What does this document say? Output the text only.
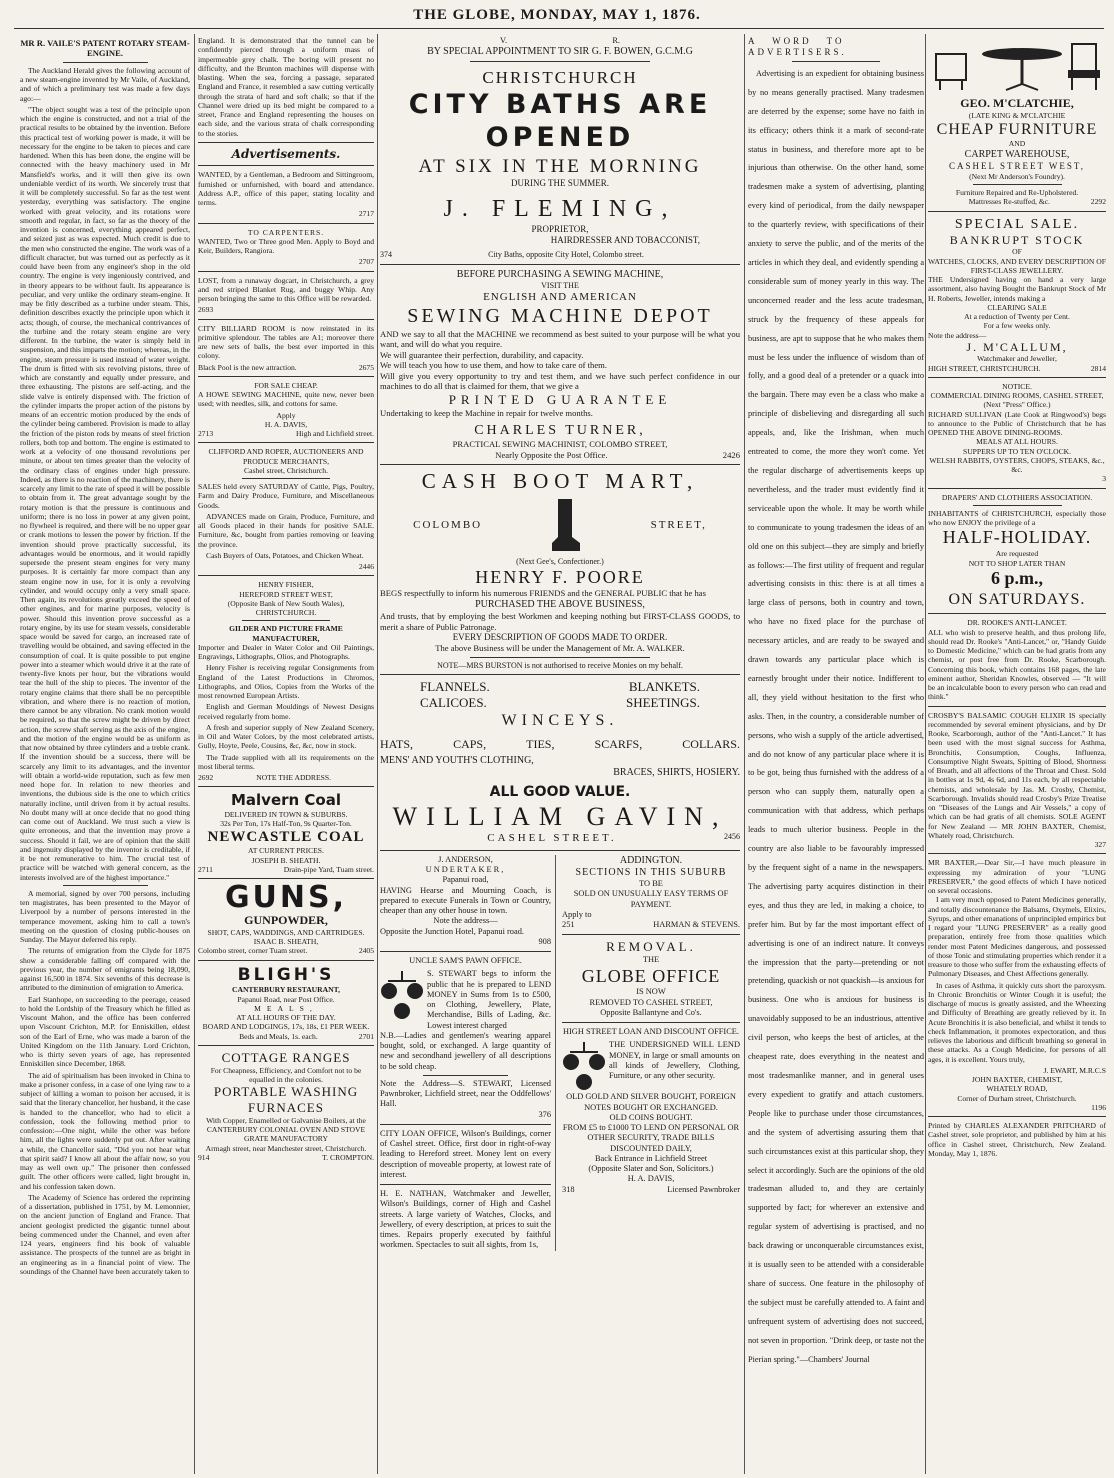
THE GLOBE, MONDAY, MAY 1, 1876.
MR R. VAILE'S PATENT ROTARY STEAM-ENGINE.

The Auckland Herald gives the following account of a new steam-engine invented by Mr Vaile, of Auckland, and of which a preliminary test was made a few days ago:—

"The object sought was a test of the principle upon which the engine is constructed, and not a trial of the practical results to be obtained by the invention. Before this practical test of working power is made, it will be necessary for the engine to be taken to pieces and care hardened. When this has been done, the engine will be connected with the heavy machinery used in Mr Mansfield's works, and it will then give its own undeniable verdict of its worth. We sincerely trust that it will be completely successful. So far as the test went yesterday, everything was satisfactory. The engine worked with great velocity, and its rotations were smooth and regular, in fact, so far as the theory of the invention is concerned, everything appeared perfect, and seized just as was expected. Much credit is due to the men who constructed the engine. The work was of a difficult character, but was turned out as perfectly as it could have been from any engineer's shop in the old country. The engine is very ingeniously contrived, and in theory appears to be without fault. Its appearance is peculiar, and very unlike the ordinary steam-engine. It may be fitly described as a turbine under steam. This, definition describes exactly the principle upon which it acts; though, of course, the mechanical contrivances of the turbine and the rotary steam engine are very different. In the turbine, the water is simply held in suspension, and this imparts the motion; whereas, in the engine, steam pressure is used instead of water weight. The drum is fitted with six revolving pistons, three of which are constantly and equally under pressure, and three exhausting. The pistons are self-acting, and the slide valve is entirely dispensed with. The friction of the cylinder imparts the proper action of the pistons by means of an eccentric motion produced by the ends of the cylinder being cambered. Provision is made to allay the friction of the piston rods by means of steel friction rollers, both top and bottom. The engine is estimated to work at a velocity of one thousand revolutions per minute, or about ten times greater than the velocity of the ordinary class of engines under high pressure. Indeed, as there is no reaction of the machinery, there is scarcely any limit to the rate of speed it will be possible to obtain from it. The great advantage sought by the rotary motion is that the pressure is continuous and uniform; there is no loss in power at any given point, no flywheel is required, and there will be no upper gear or crank motions to lessen the power by friction. If the invention should prove practically successful, its advantages would be enormous, and it would rapidly supersede the present steam engines for very many purposes. It is certainly far more compact than any steam engine now in use, for it is only a revolving cylinder, and would occupy only a very small space. Then again, its revolutions greatly exceed the speed of other engines, and for marine purposes, velocity is power. Should this invention prove successful as a rotary engine, by its use for steam vessels, considerable space would be saved for cargo, an increased rate of travelling would be obtained, and saving effected in the consumption of coal. It is quite possible to put engine power into a steamer which would drive it at the rate of twenty-five knots per hour, but the vibrations would tear the hull of the ship to pieces. The inventor of the rotary engine claims that there shall be no perceptible vibration, and where there is no reaction of motion, there cannot be any vibration. No crank motion would be required, so that the screw might be driven by direct action, the screw shaft serving as the axis of the engine, and the motion of the engine would be as uniform as that now obtained by three cylinders and a treble crank. If the invention should be a success, there will be scarcely any limit to its advantages, and the inventor will obtain a world-wide reputation, such as few men need hope for. In relation to new theories and inventions, the dubious side is the one to which critics naturally incline, until driven from it by actual results. No doubt many will at once decide that no good thing can come out of Auckland. We trust such a view is quite erroneous, and that the invention may prove a success. Should it fail, we are of opinion that the skill and ingenuity displayed by the inventor is creditable, if it be not remunerative to him. The crucial test of practice will be watched with general concern, as the interests involved are of the highest importance."

A memorial, signed by over 700 persons, including ten magistrates, has been presented to the Mayor of Liverpool by a number of persons interested in the temperance movement, asking him to call a town's meeting on the question of closing public-houses on Sunday. The Mayor deferred his reply.

The returns of emigration from the Clyde for 1875 show a considerable falling off compared with the previous year, the number of emigrants being 18,090, against 16,500 in 1874. Six sevenths of this decrease is attributed to the diminution of emigration to America.

Earl Stanhope, on succeeding to the peerage, ceased to hold the Lordship of the Treasury which he filled as Viscount Mahon, and the office has been conferred upon Viscount Crichton, M.P. for Enniskillen, eldest son of the Earl of Erne, who was made a baron of the United Kingdom on the 11th January. Lord Crichton, who is thirty seven years of age, has represented Enniskillen since December, 1868.

The aid of spiritualism has been invoked in China to make a prisoner confess, in a case of one lying raw to a subject of killing a woman to poison her accused, it is said that the literary chancellor, her husband, it the case is handed to the chancellor, who had to elicit a confession, took the following method prior to confession:—One night, while the other was before him, all the lights were suddenly put out. After waiting a while, the Chancellor said, "Did you not hear what that spirit said? I know all about the affair now, so you may as well own up." The prisoner then confessed guilt. The other officers were called, light brought in, and his confession taken down.

The Academy of Science has ordered the reprinting of a dissertation, published in 1751, by M. Lemonnier, on the ancient junction of England and France. That ancient geologist predicted the gigantic tunnel about being commenced under the Channel, and even after 124 years, engineers find his book of valuable assistance. The prospects of the tunnel are as bright in an engineering as in a financial point of view. The soundings of the Channel have been accurately taken to

England. It is demonstrated that the tunnel can be confidently pierced through a uniform mass of impermeable grey chalk. The boring will present no difficulty, and the Brunton machines will dispense with blasting. When the sea, forcing a passage, separated England and France, it resembled a saw cutting vertically through the strata of hard and soft chalk; so that if the Channel were dried up its bed might be compared to a street, France and England representing the houses on each side, and the various strata of chalk corresponding to the stories.

Advertisements.

WANTED, by a Gentleman, a Bedroom and Sittingroom, furnished or unfurnished, with board and attendance. Address A.P., office of this paper, stating locality and terms.

2717
TO CARPENTERS.

WANTED, Two or Three good Men. Apply to Boyd and Keir, Builders, Rangiora.

2707

LOST, from a runaway dogcart, in Christchurch, a grey and red striped Blanket Rug, and buggy Whip. Any person bringing the same to this Office will be rewarded.

2693

CITY BILLIARD ROOM is now reinstated in its primitive splendour. The tables are A1; moreover there are new sets of balls, the best ever imported in this colony.

Black Pool is the new attraction.	2675
FOR SALE CHEAP.

A HOWE SEWING MACHINE, quite new, never been used; with needles, silk, and cottons for same.

Apply
H. A. DAVIS,
2713	High and Lichfield street.
CLIFFORD AND ROPER, AUCTIONEERS AND PRODUCE MERCHANTS,
Cashel street, Christchurch.

SALES held every SATURDAY of Cattle, Pigs, Poultry, Farm and Dairy Produce, Furniture, and Miscellaneous Goods.

ADVANCES made on Grain, Produce, Furniture, and all Goods placed in their hands for positive SALE. Furniture, &c, bought from parties removing or leaving the province.

Cash Buyers of Oats, Potatoes, and Chicken Wheat.

2446
HENRY FISHER,
HEREFORD STREET WEST,
(Opposite Bank of New South Wales), CHRISTCHURCH.
GILDER AND PICTURE FRAME MANUFACTURER,

Importer and Dealer in Water Color and Oil Paintings, Engravings, Lithographs, Olios, and Photographs.

Henry Fisher is receiving regular Consignments from England of the Latest Productions in Chromos, Lithographs, and Olios, Copies from the Works of the most renowned European Artists.

English and German Mouldings of Newest Designs received regularly from home.

A fresh and superior supply of New Zealand Scenery, in Oil and Water Colors, by the most celebrated artists, Gully, Hoyte, Peele, Cousins, &c, &c, now in stock.

The Trade supplied with all its requirements on the most liberal terms.

2692	NOTE THE ADDRESS.
Malvern Coal
DELIVERED IN TOWN & SUBURBS.
32s Per Ton, 17s Half-Ton, 9s Quarter-Ton.
NEWCASTLE COAL
AT CURRENT PRICES.
JOSEPH B. SHEATH.
2711	Drain-pipe Yard, Tuam street.
GUNS,
GUNPOWDER,
SHOT, CAPS, WADDINGS, AND CARTRIDGES.
ISAAC B. SHEATH,
Colombo street, corner Tuam street.	2405
BLIGH'S
CANTERBURY RESTAURANT,
Papanui Road, near Post Office.
MEALS,
AT ALL HOURS OF THE DAY.
BOARD AND LODGINGS, 17s, 18s, £1 PER WEEK.
Beds and Meals, 1s. each.	2701
COTTAGE RANGES
For Cheapness, Efficiency, and Comfort not to be equalled in the colonies.
PORTABLE WASHING FURNACES
With Copper, Enamelled or Galvanise Boilers, at the
CANTERBURY COLONIAL OVEN AND STOVE GRATE MANUFACTORY
Armagh street, near Manchester street, Christchurch.
914	T. CROMPTON.
V.	R.
BY SPECIAL APPOINTMENT TO SIR G. F. BOWEN, G.C.M.G
CHRISTCHURCH
CITY BATHS ARE OPENED
AT SIX IN THE MORNING
DURING THE SUMMER.
J. FLEMING,
PROPRIETOR,
HAIRDRESSER AND TOBACCONIST,
374	City Baths, opposite City Hotel, Colombo street.
BEFORE PURCHASING A SEWING MACHINE,
VISIT THE
ENGLISH AND AMERICAN
SEWING MACHINE DEPOT

AND we say to all that the MACHINE we recommend as best suited to your purpose will be what you want, and will do what you require.

We will guarantee their perfection, durability, and capacity.

We will teach you how to use them, and how to take care of them.

Will give you every opportunity to try and test them, and we have such perfect confidence in our machines to do all that is claimed for them, that we give a

PRINTED GUARANTEE

Undertaking to keep the Machine in repair for twelve months.

CHARLES TURNER,
PRACTICAL SEWING MACHINIST, COLOMBO STREET,
Nearly Opposite the Post Office.	2426
CASH BOOT MART,
COLOMBO	STREET,
(Next Gee's, Confectioner.)
HENRY F. POORE

BEGS respectfully to inform his numerous FRIENDS and the GENERAL PUBLIC that he has

PURCHASED THE ABOVE BUSINESS,

And trusts, that by employing the best Workmen and keeping nothing but FIRST-CLASS GOODS, to merit a share of Public Patronage.

EVERY DESCRIPTION OF GOODS MADE TO ORDER.
The above Business will be under the Management of Mr. A. WALKER.
NOTE—MRS BURSTON is not authorised to receive Monies on my behalf.
FLANNELS.	BLANKETS.
CALICOES.	SHEETINGS.
WINCEYS.
HATS,	CAPS,	TIES,	SCARFS,	COLLARS.
MENS' AND YOUTH'S CLOTHING,
BRACES, SHIRTS, HOSIERY.
ALL GOOD VALUE.
WILLIAM GAVIN,
CASHEL STREET.	2456
J. ANDERSON,
UNDERTAKER,
Papanui road,

HAVING Hearse and Mourning Coach, is prepared to execute Funerals in Town or Country, cheaper than any other house in town.

Note the address—
Opposite the Junction Hotel, Papanui road.
908
UNCLE SAM'S PAWN OFFICE.

S. STEWART begs to inform the public that he is prepared to LEND MONEY in Sums from 1s to £500, on Clothing, Jewellery, Plate, Merchandise, Bills of Lading, &c. Lowest interest charged

N.B.—Ladies and gentlemen's wearing apparel bought, sold, or exchanged. A large quantity of new and secondhand jewellery of all descriptions to be sold cheap.

Note the Address—S. STEWART, Licensed Pawnbroker, Lichfield street, near the Oddfellows' Hall.

376

CITY LOAN OFFICE, Wilson's Buildings, corner of Cashel street. Office, first door in right-of-way leading to Hereford street. Money lent on every description of moveable property, at lowest rate of interest.

H. E. NATHAN, Watchmaker and Jeweller, Wilson's Buildings, corner of High and Cashel streets. A large variety of Watches, Clocks, and Jewellery, of every description, at prices to suit the times. Repairs properly executed by faithful workmen. Spectacles to suit all sights, from 1s,

ADDINGTON.
SECTIONS IN THIS SUBURB
TO BE
SOLD ON UNUSUALLY EASY TERMS OF PAYMENT.
Apply to
251	HARMAN & STEVENS.
REMOVAL.
THE
GLOBE OFFICE
IS NOW
REMOVED TO CASHEL STREET,
Opposite Ballantyne and Co's.
HIGH STREET LOAN AND DISCOUNT OFFICE.

THE UNDERSIGNED WILL LEND MONEY, in large or small amounts on all kinds of Jewellery, Clothing, Furniture, or any other security.

OLD GOLD AND SILVER BOUGHT, FOREIGN NOTES BOUGHT OR EXCHANGED.
OLD COINS BOUGHT.
FROM £5 to £1000 TO LEND ON PERSONAL OR OTHER SECURITY, TRADE BILLS DISCOUNTED DAILY,
Back Entrance in Lichfield Street
(Opposite Slater and Son, Solicitors.)
H. A. DAVIS,
318	Licensed Pawnbroker
A WORD TO ADVERTISERS.

Advertising is an expedient for obtaining business by no means generally practised. Many tradesmen are deterred by the expense; some have no faith in its efficacy; others think it a mark of second-rate status in business, and therefore more apt to be injurious than otherwise. On the other hand, some tradesmen make a system of advertising, planting every kind of periodical, from the daily newspaper to the quarterly review, with specifications of their anxiety to serve the public, and of the merits of the articles in which they deal, and evidently spending a considerable sum of money yearly in this way. The unconcerned reader and the less acute tradesman, struck by the frequency of these appeals for business, are apt to suppose that he who makes them must be less under the influence of wisdom than of folly, and a good deal of a pretender or a quack into the bargain. There may even be a class who make a principle of disbelieving and disregarding all such appeals, and, like the Irishman, when much entreated to come, the more they won't come. Yet the regular discharge of advertisements keeps up nevertheless, and the trader must evidently find it serviceable upon the whole. It may be worth while to communicate to young tradesmen the ideas of an old one on this subject—they are simply and briefly as follows:—The first utility of frequent and regular advertising consists in this: there is at all times a large class of persons, both in country and town, who have no fixed place for the purchase of necessary articles, and are ready to be swayed and drawn towards any particular place which is earnestly brought under their notice. Indifferent to all, they yield without hesitation to the first who asks. Then, in the country, a considerable number of persons, who wish a supply of the article advertised, and do not know of any particular place where it is to be got, being thus furnished with the address of a person who can supply them, naturally open a communication with that address, which perhaps leads to much ulterior business. People in the country are also liable to be favourably impressed by the frequent sight of a name in the newspapers. The advertising party acquires distinction in their eyes, and thus they are led, in making a choice, to prefer him. But by far the most important effect of advertising is one of an indirect nature. It conveys the impression that the party—pretending or not pretending, quackish or not quackish—is anxious for business. One who is anxious for business is unavoidably supposed to be an industrious, attentive civil person, who keeps the best of articles, at the cheapest rate, does everything in the neatest and most tradesmanlike manner, and in general uses every expedient to gratify and attach customers. People like to purchase under those circumstances, and the system of advertising assuring them that such circumstances exist at this particular shop, they select it accordingly. Such are the opinions of the old tradesman alluded to, and they are certainly supported by fact; for wherever an extensive and regular system of advertising is practised, and no back drawing or unconquerable circumstances exist, it is usually seen to be attended with a considerable share of success. One feature in the philosophy of the subject must be carefully attended to. A faint and unfrequent system of advertising does not succeed, not seven in proportion. "Drink deep, or taste not the Pierian spring."—Chambers' Journal

GEO. M'CLATCHIE,
(LATE KING & M'CLATCHIE
CHEAP FURNITURE
AND
CARPET WAREHOUSE,
CASHEL STREET WEST,
(Next Mr Anderson's Foundry).
Furniture Repaired and Re-Upholstered.
Mattresses Re-stuffed, &c.	2292
SPECIAL SALE.
BANKRUPT STOCK
OF
WATCHES, CLOCKS, AND EVERY DESCRIPTION OF FIRST-CLASS JEWELLERY.

THE Undersigned having on hand a very large assortment, also having Bought the Bankrupt Stock of Mr H. Roberts, Jeweller, intends making a

CLEARING SALE
At a reduction of Twenty per Cent.
For a few weeks only.
Note the address—
J. M'CALLUM,
Watchmaker and Jeweller,
HIGH STREET, CHRISTCHURCH.	2814
NOTICE.
COMMERCIAL DINING ROOMS, CASHEL STREET,
(Next "Press" Office.)

RICHARD SULLIVAN (Late Cook at Ringwood's) begs to announce to the Public of Christchurch that he has OPENED THE ABOVE DINING-ROOMS.

MEALS AT ALL HOURS.
SUPPERS UP TO TEN O'CLOCK.
WELSH RABBITS, OYSTERS, CHOPS, STEAKS, &c., &c.
3
DRAPERS' AND CLOTHIERS ASSOCIATION.

INHABITANTS of CHRISTCHURCH, especially those who now ENJOY the privilege of a

HALF-HOLIDAY.
Are requested
NOT TO SHOP LATER THAN
6 p.m.,
ON SATURDAYS.
DR. ROOKE'S ANTI-LANCET.

ALL who wish to preserve health, and thus prolong life, should read Dr. Rooke's "Anti-Lancet," or, "Handy Guide to Domestic Medicine," which can be had gratis from any chemist, or post free from Dr. Rooke, Scarborough. Concerning this book, which contains 168 pages, the late eminent author, Sheridan Knowles, observed — "It will be an incalculable boon to every person who can read and think."

CROSBY'S BALSAMIC COUGH ELIXIR IS specially recommended by several eminent physicians, and by Dr Rooke, Scarborough, author of the "Anti-Lancet." It has been used with the most signal success for Asthma, Bronchitis, Consumption, Coughs, Influenza, Consumptive Night Sweats, Spitting of Blood, Shortness of Breath, and all affections of the Throat and Chest. Sold in bottles at 1s 9d, 4s 6d, and 11s each, by all respectable chemists, and wholesale by Jas. M. Crosby, Chemist, Scarborough. Invalids should read Crosby's Prize Treatise on "Diseases of the Lungs and Air Vessels," a copy of which can be had gratis of all chemists. SOLE AGENT for New Zealand — MR JOHN BAXTER, Chemist, Whately road, Christchurch.

327

MR BAXTER,—Dear Sir,—I have much pleasure in expressing my admiration of your "LUNG PRESERVER," the good effects of which I have noticed on several occasions.

I am very much opposed to Patent Medicines generally, and totally discountenance the Balsams, Oxymels, Elixirs, Syrups, and other emanations of unprincipled empirics but I regard your "LUNG PRESERVER" as a really good preparation, entirely free from those qualities which render most Patent Medicines dangerous, and possessed of those Tonic and stimulating properties which render it a treasure to those who suffer from the exhausting effects of Pulmonary Diseases, and Chest Affections generally.

In cases of Asthma, it quickly cuts short the paroxysm. In Chronic Bronchitis or Winter Cough it is useful; the discharge of mucus is greatly assisted, and the Wheezing and Difficulty of Breathing are greatly relieved by it. In Acute Bronchitis it is also beneficial, and whilst it tends to check Inflammation, it promotes expectoration, and thus relieves the laborious and difficult breathing so general in these attacks. As a Cough Medicine, for persons of all ages, it is excellent. Yours truly,

J. EWART, M.R.C.S
JOHN BAXTER, CHEMIST,
WHATELY ROAD,
Corner of Durham street, Christchurch.
1196

Printed by CHARLES ALEXANDER PRITCHARD of Cashel street, sole proprietor, and published by him at his office in Cashel street, Christchurch, New Zealand. Monday, May 1, 1876.
